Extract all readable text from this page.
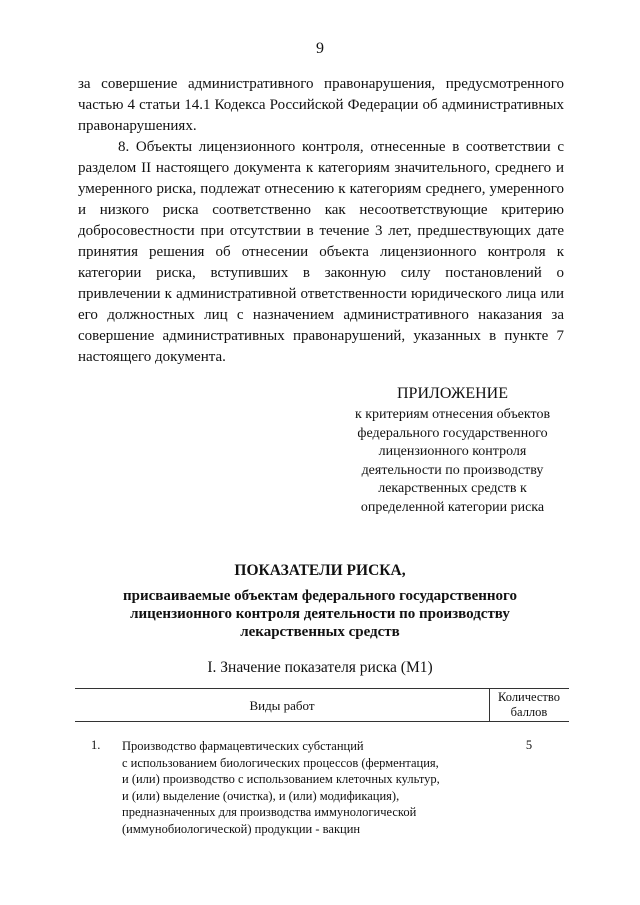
9

за совершение административного правонарушения, предусмотренного частью 4 статьи 14.1 Кодекса Российской Федерации об административных правонарушениях.

8. Объекты лицензионного контроля, отнесенные в соответствии с разделом II настоящего документа к категориям значительного, среднего и умеренного риска, подлежат отнесению к категориям среднего, умеренного и низкого риска соответственно как несоответствующие критерию добросовестности при отсутствии в течение 3 лет, предшествующих дате принятия решения об отнесении объекта лицензионного контроля к категории риска, вступивших в законную силу постановлений о привлечении к административной ответственности юридического лица или его должностных лиц с назначением административного наказания за совершение административных правонарушений, указанных в пункте 7 настоящего документа.

ПРИЛОЖЕНИЕ
к критериям отнесения объектов
федерального государственного
лицензионного контроля
деятельности по производству
лекарственных средств к
определенной категории риска
ПОКАЗАТЕЛИ РИСКА,
присваиваемые объектам федерального государственного
лицензионного контроля деятельности по производству
лекарственных средств
I. Значение показателя риска (М1)
Виды работ
Количество
баллов
1. Производство фармацевтических субстанций
с использованием биологических процессов (ферментация,
и (или) производство с использованием клеточных культур,
и (или) выделение (очистка), и (или) модификация),
предназначенных для производства иммунологической
(иммунобиологической) продукции - вакцин
5
